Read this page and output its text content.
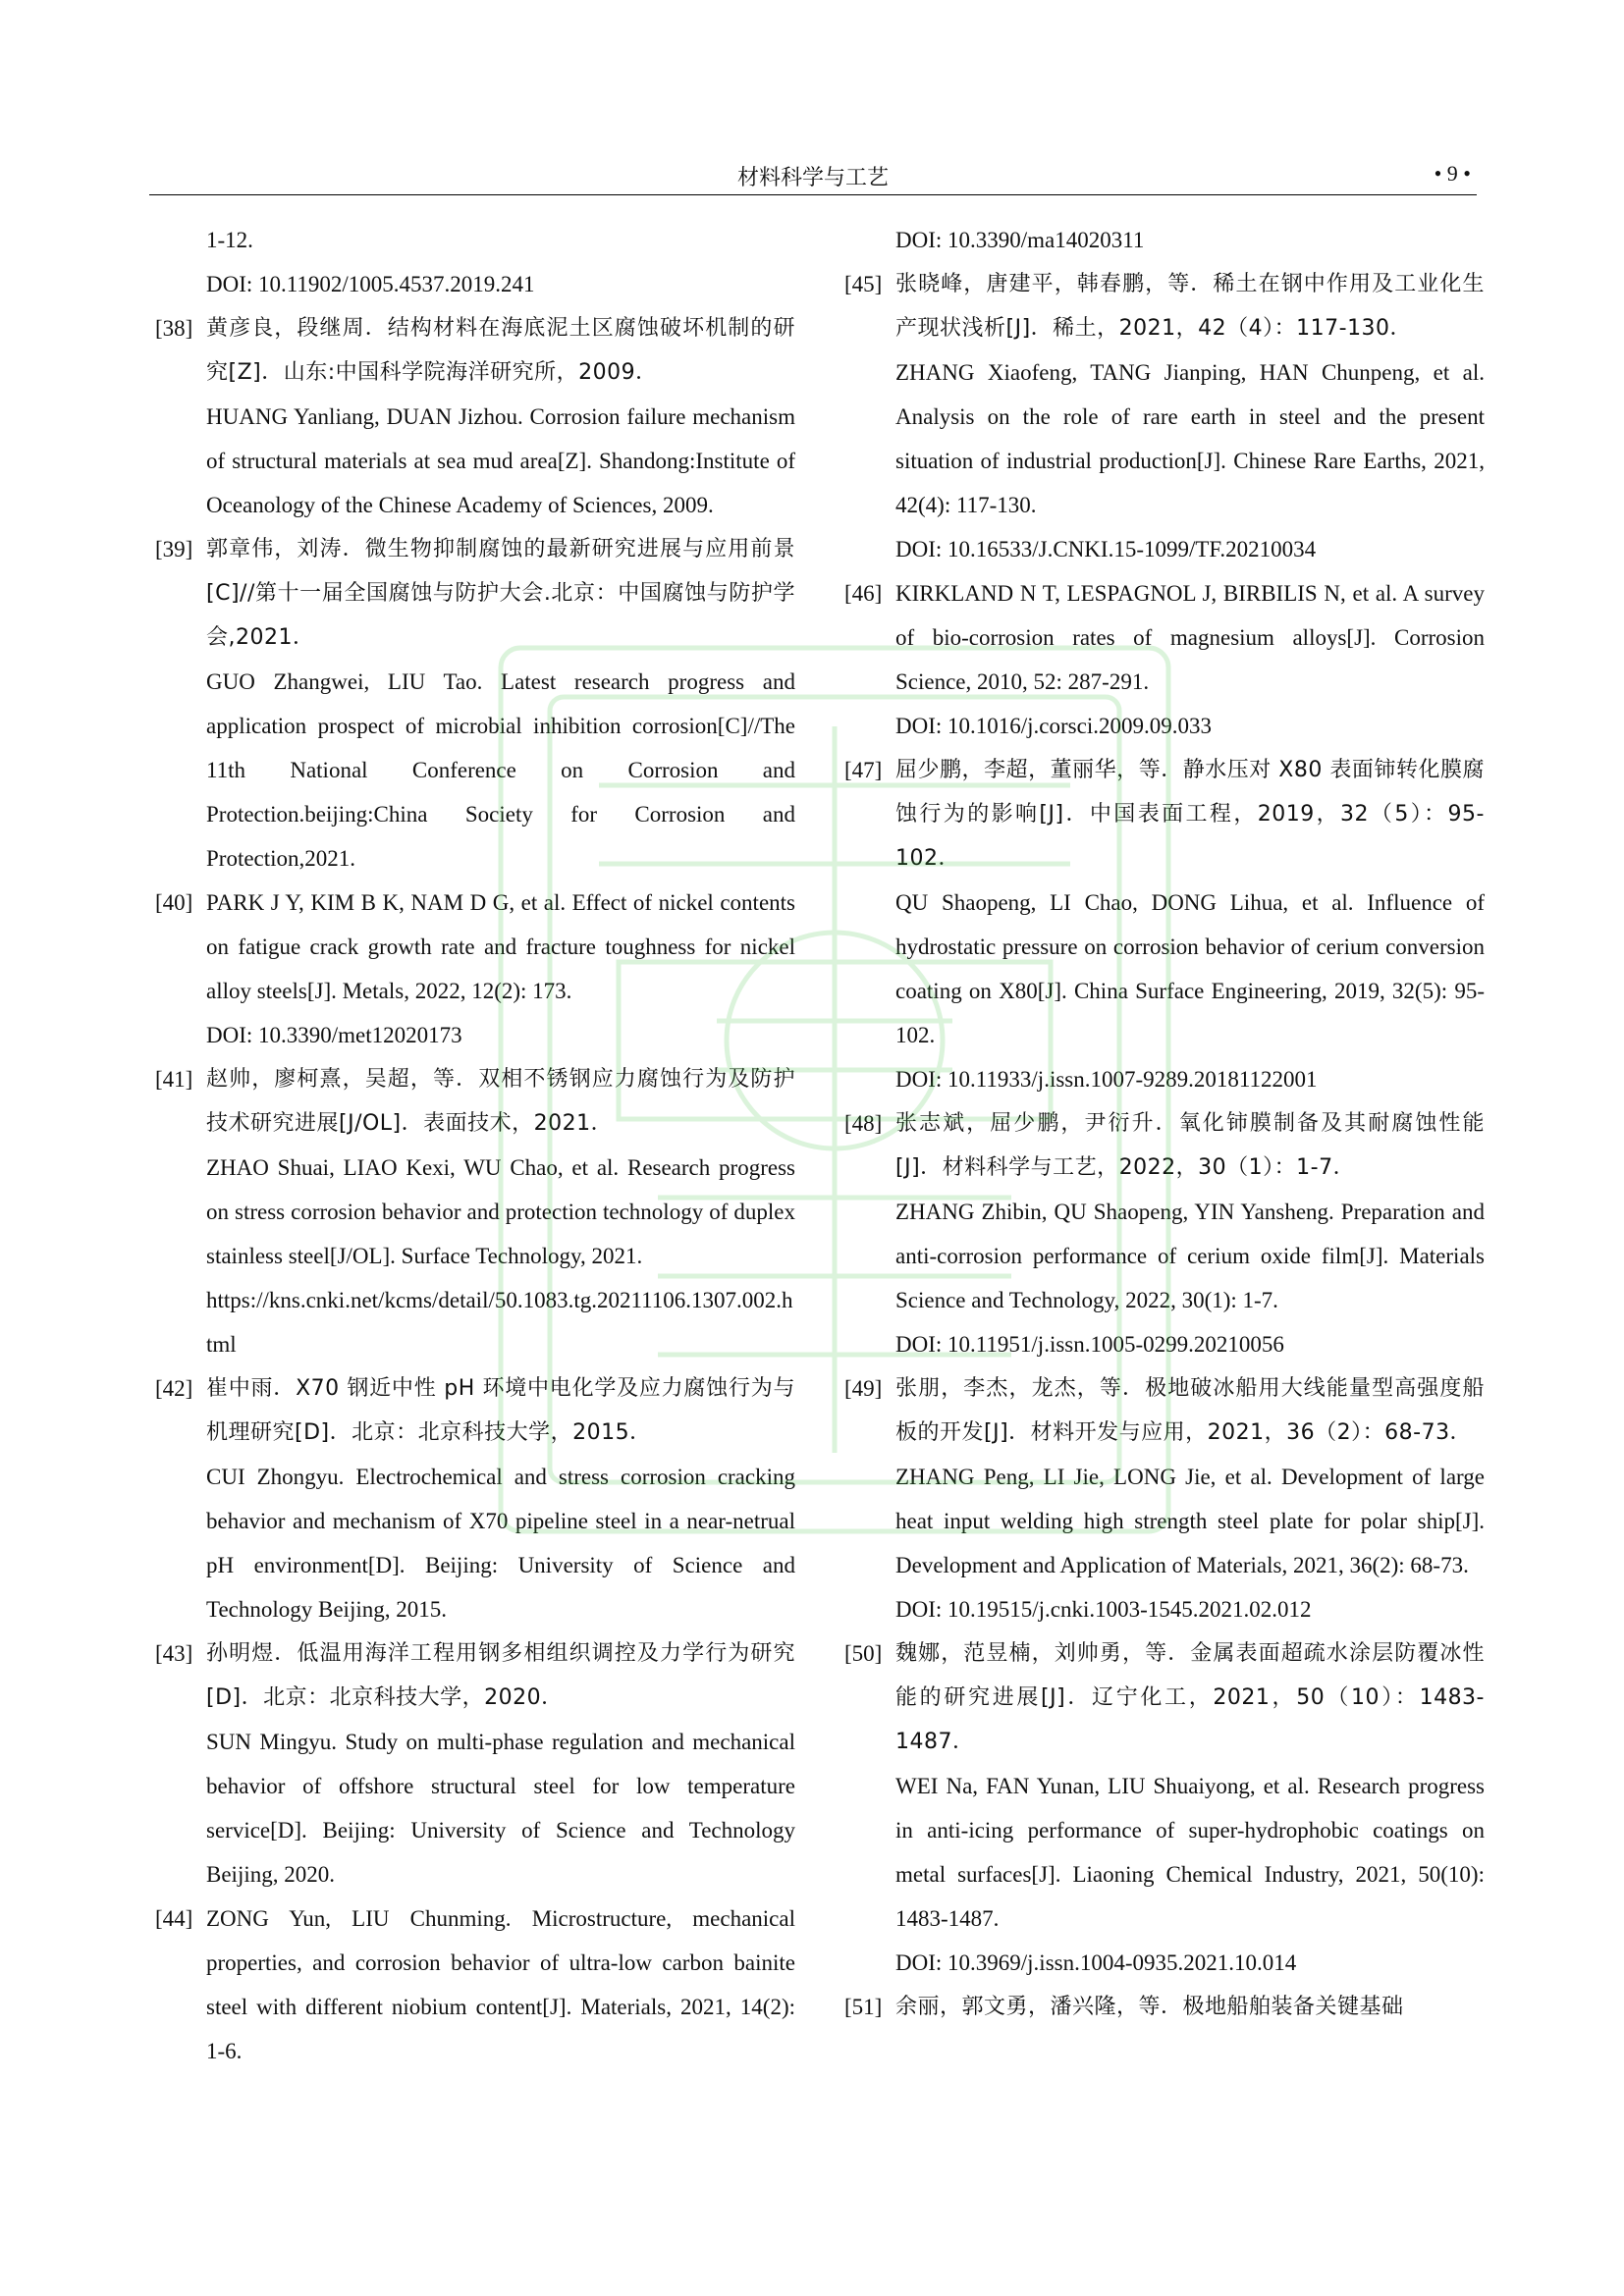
材料科学与工艺	• 9 •

1-12.

DOI: 10.11902/1005.4537.2019.241

[38] 黄彦良，段继周．结构材料在海底泥土区腐蚀破坏机制的研究[Z]．山东:中国科学院海洋研究所，2009．

HUANG Yanliang, DUAN Jizhou. Corrosion failure mechanism of structural materials at sea mud area[Z]. Shandong:Institute of Oceanology of the Chinese Academy of Sciences, 2009.

[39] 郭章伟，刘涛．微生物抑制腐蚀的最新研究进展与应用前景[C]//第十一届全国腐蚀与防护大会.北京：中国腐蚀与防护学会,2021．

GUO Zhangwei, LIU Tao. Latest research progress and application prospect of microbial inhibition corrosion[C]//The 11th National Conference on Corrosion and Protection.beijing:China Society for Corrosion and Protection,2021.

[40] PARK J Y, KIM B K, NAM D G, et al. Effect of nickel contents on fatigue crack growth rate and fracture toughness for nickel alloy steels[J]. Metals, 2022, 12(2): 173.

DOI: 10.3390/met12020173

[41] 赵帅，廖柯熹，吴超，等．双相不锈钢应力腐蚀行为及防护技术研究进展[J/OL]．表面技术，2021．

ZHAO Shuai, LIAO Kexi, WU Chao, et al. Research progress on stress corrosion behavior and protection technology of duplex stainless steel[J/OL]. Surface Technology, 2021.

https://kns.cnki.net/kcms/detail/50.1083.tg.20211106.1307.002.html

[42] 崔中雨．X70 钢近中性 pH 环境中电化学及应力腐蚀行为与机理研究[D]．北京：北京科技大学，2015．

CUI Zhongyu. Electrochemical and stress corrosion cracking behavior and mechanism of X70 pipeline steel in a near-netrual pH environment[D]. Beijing: University of Science and Technology Beijing, 2015.

[43] 孙明煜．低温用海洋工程用钢多相组织调控及力学行为研究[D]．北京：北京科技大学，2020．

SUN Mingyu. Study on multi-phase regulation and mechanical behavior of offshore structural steel for low temperature service[D]. Beijing: University of Science and Technology Beijing, 2020.

[44] ZONG Yun, LIU Chunming. Microstructure, mechanical properties, and corrosion behavior of ultra-low carbon bainite steel with different niobium content[J]. Materials, 2021, 14(2): 1-6.

DOI: 10.3390/ma14020311

[45] 张晓峰，唐建平，韩春鹏，等．稀土在钢中作用及工业化生产现状浅析[J]．稀土，2021，42（4）：117-130．

ZHANG Xiaofeng, TANG Jianping, HAN Chunpeng, et al. Analysis on the role of rare earth in steel and the present situation of industrial production[J]. Chinese Rare Earths, 2021, 42(4): 117-130.

DOI: 10.16533/J.CNKI.15-1099/TF.20210034

[46] KIRKLAND N T, LESPAGNOL J, BIRBILIS N, et al. A survey of bio-corrosion rates of magnesium alloys[J]. Corrosion Science, 2010, 52: 287-291.

DOI: 10.1016/j.corsci.2009.09.033

[47] 屈少鹏，李超，董丽华，等．静水压对 X80 表面铈转化膜腐蚀行为的影响[J]．中国表面工程，2019，32（5）：95-102．

QU Shaopeng, LI Chao, DONG Lihua, et al. Influence of hydrostatic pressure on corrosion behavior of cerium conversion coating on X80[J]. China Surface Engineering, 2019, 32(5): 95-102.

DOI: 10.11933/j.issn.1007-9289.20181122001

[48] 张志斌，屈少鹏，尹衍升．氧化铈膜制备及其耐腐蚀性能[J]．材料科学与工艺，2022，30（1）：1-7．

ZHANG Zhibin, QU Shaopeng, YIN Yansheng. Preparation and anti-corrosion performance of cerium oxide film[J]. Materials Science and Technology, 2022, 30(1): 1-7.

DOI: 10.11951/j.issn.1005-0299.20210056

[49] 张朋，李杰，龙杰，等．极地破冰船用大线能量型高强度船板的开发[J]．材料开发与应用，2021，36（2）：68-73．

ZHANG Peng, LI Jie, LONG Jie, et al. Development of large heat input welding high strength steel plate for polar ship[J]. Development and Application of Materials, 2021, 36(2): 68-73.

DOI: 10.19515/j.cnki.1003-1545.2021.02.012

[50] 魏娜，范昱楠，刘帅勇，等．金属表面超疏水涂层防覆冰性能的研究进展[J]．辽宁化工，2021，50（10）：1483-1487．

WEI Na, FAN Yunan, LIU Shuaiyong, et al. Research progress in anti-icing performance of super-hydrophobic coatings on metal surfaces[J]. Liaoning Chemical Industry, 2021, 50(10): 1483-1487.

DOI: 10.3969/j.issn.1004-0935.2021.10.014

[51] 余丽，郭文勇，潘兴隆，等．极地船舶装备关键基础
